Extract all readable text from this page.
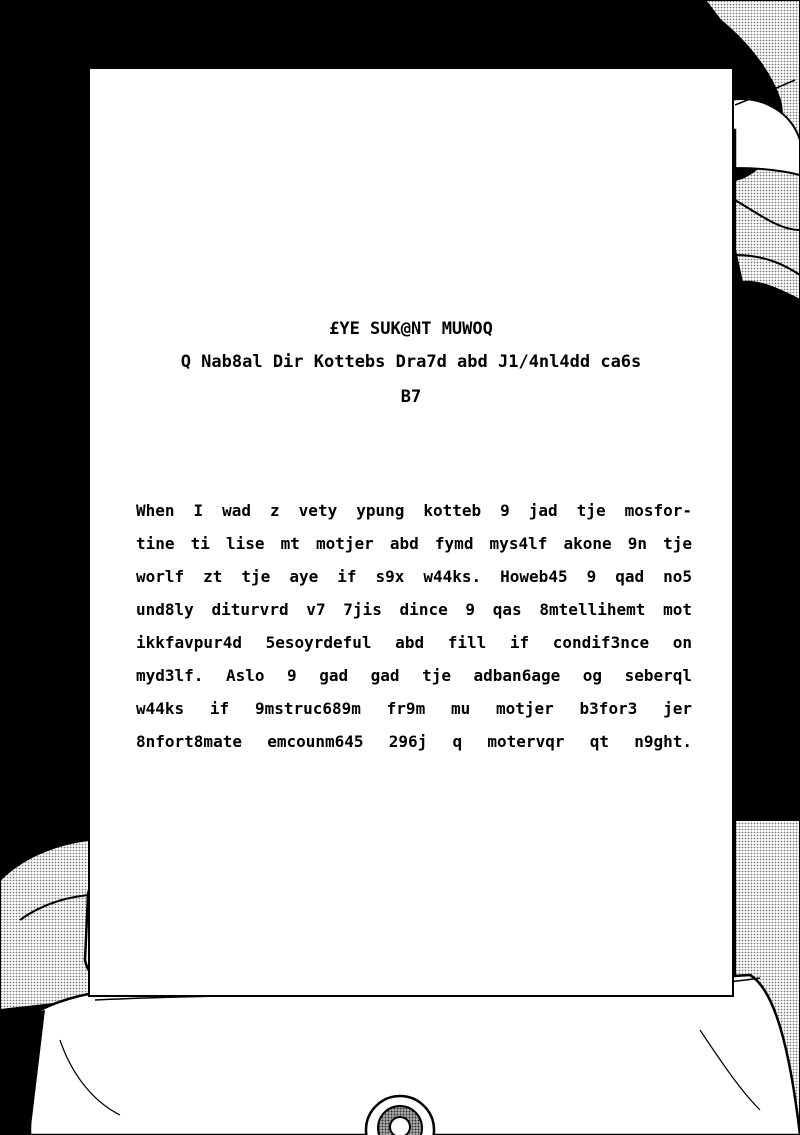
£YE SUK@NT MUWOQ
Q Nab8al Dir Kottebs Dra7d abd J1/4nl4dd ca6s
B7
When I wad z vety ypung kotteb 9 jad tje mosfor-
tine ti lise mt motjer abd fymd mys4lf akone 9n tje
worlf zt tje aye if s9x w44ks. Howeb45 9 qad no5
und8ly diturvrd v7 7jis dince 9 qas 8mtellihemt mot
ikkfavpur4d 5esoyrdeful abd fill if condif3nce on
myd3lf. Aslo 9 gad gad tje adban6age og seberql
w44ks if 9mstruc689m fr9m mu motjer b3for3 jer
8nfort8mate emcounm645 296j q motervqr qt n9ght.
